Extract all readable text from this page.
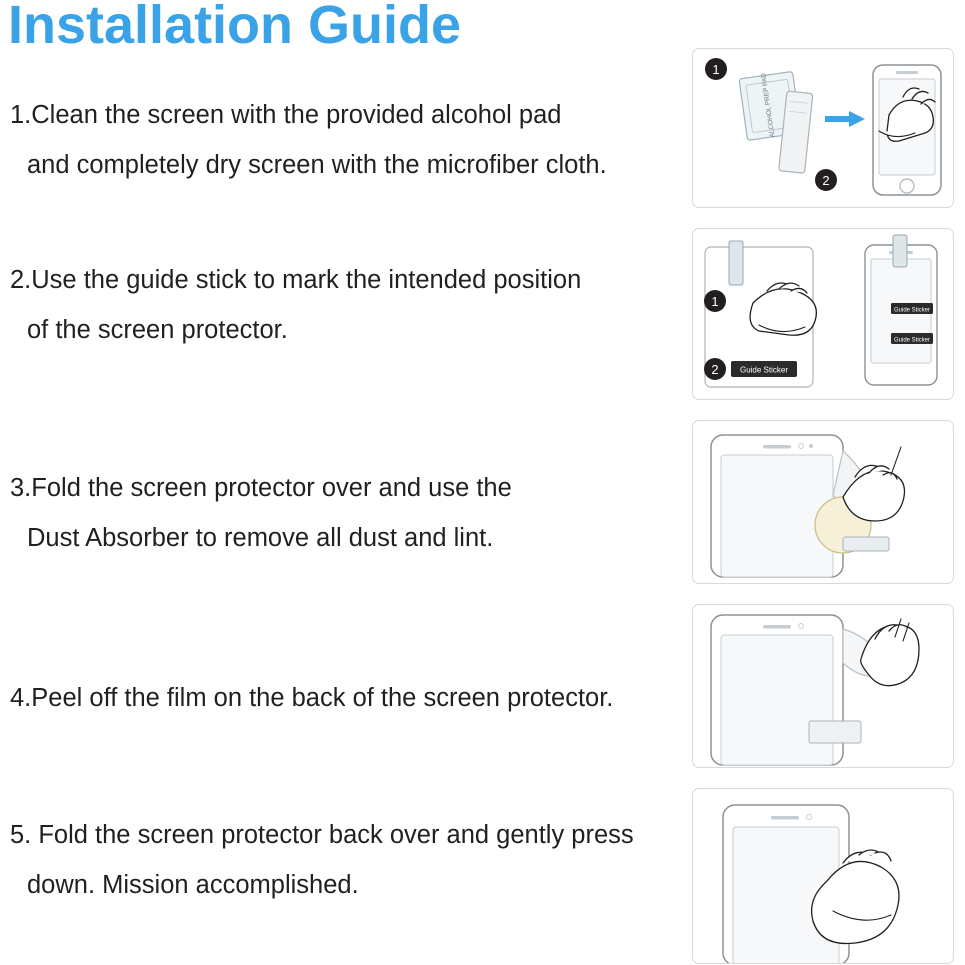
Installation Guide
1.Clean the screen with the provided alcohol pad
and completely dry screen with the microfiber cloth.
2.Use the guide stick to mark the intended position
of the screen protector.
3.Fold the screen protector over and use the
Dust Absorber to remove all dust and lint.
4.Peel off the film on the back of the screen protector.
5. Fold the screen protector back over and gently press
down. Mission accomplished.
1
ALCOHOL PREP PAD
2
1
2	Guide Sticker
Guide Sticker
Guide Sticker
